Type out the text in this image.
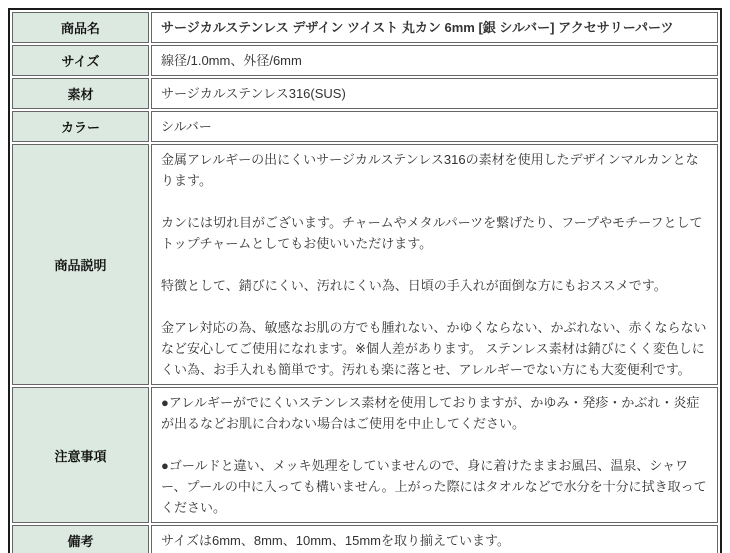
商品名	サージカルステンレス デザイン ツイスト 丸カン 6mm [銀 シルバー] アクセサリーパーツ

サイズ	線径/1.0mm、外径/6mm

素材	サージカルステンレス316(SUS)

カラー	シルバー

商品説明	金属アレルギーの出にくいサージカルステンレス316の素材を使用したデザインマルカンとなります。

カンには切れ目がございます。チャームやメタルパーツを繋げたり、フープやモチーフとしてトップチャームとしてもお使いいただけます。

特徴として、錆びにくい、汚れにくい為、日頃の手入れが面倒な方にもおススメです。

金アレ対応の為、敏感なお肌の方でも腫れない、かゆくならない、かぶれない、赤くならないなど安心してご使用になれます。※個人差があります。 ステンレス素材は錆びにくく変色しにくい為、お手入れも簡単です。汚れも楽に落とせ、アレルギーでない方にも大変便利です。

注意事項	●アレルギーがでにくいステンレス素材を使用しておりますが、かゆみ・発疹・かぶれ・炎症が出るなどお肌に合わない場合はご使用を中止してください。

●ゴールドと違い、メッキ処理をしていませんので、身に着けたままお風呂、温泉、シャワー、プールの中に入っても構いません。上がった際にはタオルなどで水分を十分に拭き取ってください。

備考	サイズは6mm、8mm、10mm、15mmを取り揃えています。
